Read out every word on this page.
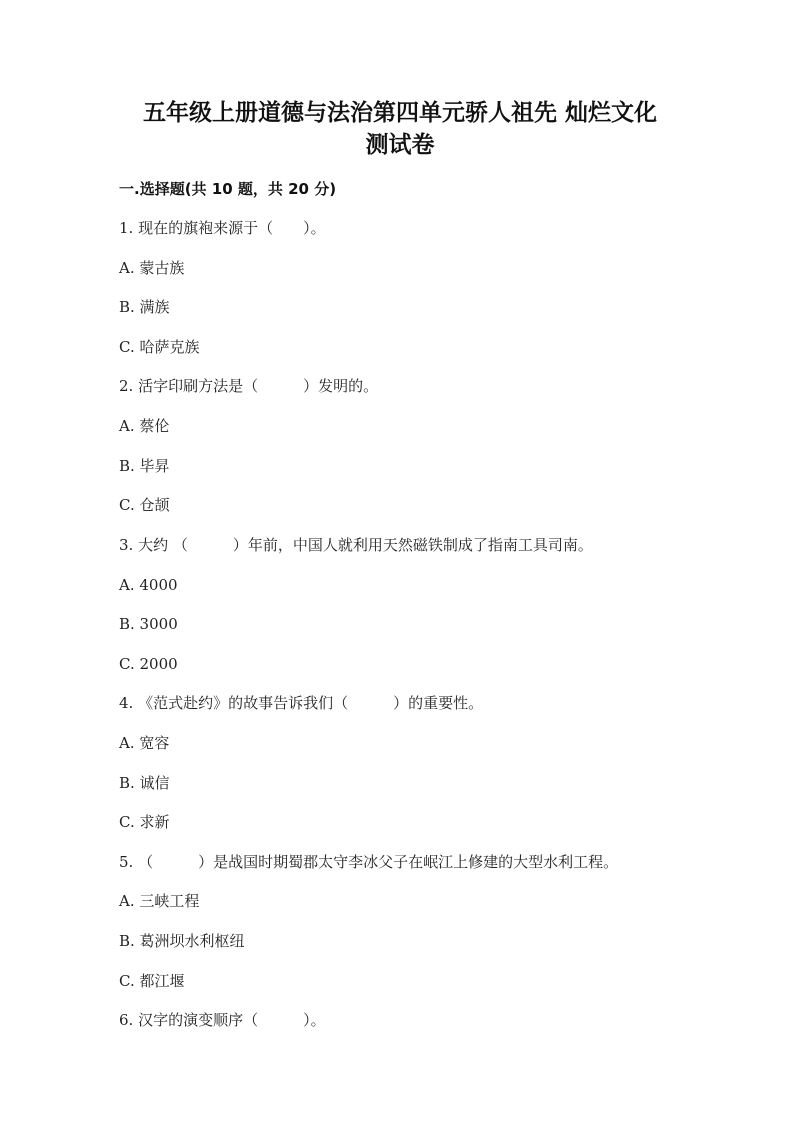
五年级上册道德与法治第四单元骄人祖先 灿烂文化
测试卷
一.选择题(共 10 题，共 20 分)
1. 现在的旗袍来源于（　　）。
A. 蒙古族
B. 满族
C. 哈萨克族
2. 活字印刷方法是（　　　）发明的。
A. 蔡伦
B. 毕昇
C. 仓颉
3. 大约 （　　　）年前，中国人就利用天然磁铁制成了指南工具司南。
A. 4000
B. 3000
C. 2000
4. 《范式赴约》的故事告诉我们（　　　）的重要性。
A. 宽容
B. 诚信
C. 求新
5. （　　　）是战国时期蜀郡太守李冰父子在岷江上修建的大型水利工程。
A. 三峡工程
B. 葛洲坝水利枢纽
C. 都江堰
6. 汉字的演变顺序（　　　）。
